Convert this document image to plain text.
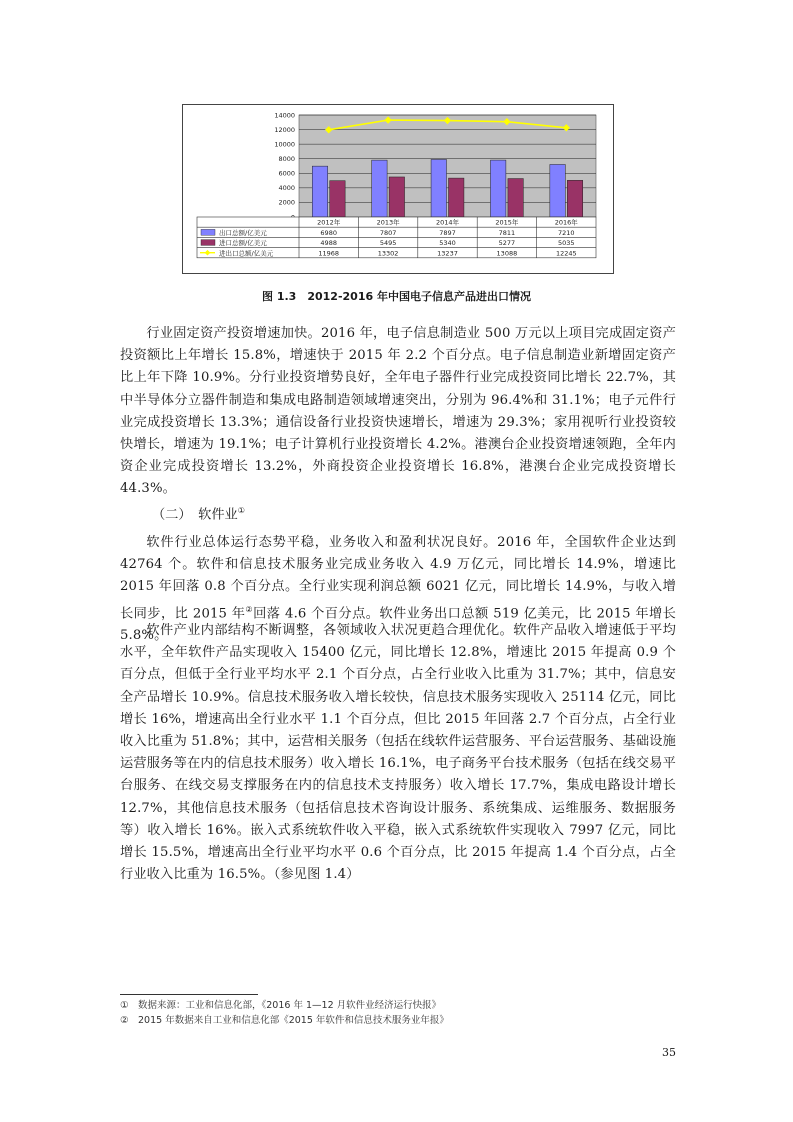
2000
4000
6000
8000
10000
12000
14000
2012年	2013年	2014年	2015年	2016年
出口总额/亿美元	6980	7807	7897	7811	7210
进口总额/亿美元	4988	5495	5340	5277	5035
进出口总额/亿美元	11968	13302	13237	13088	12245
图 1.3　2012-2016 年中国电子信息产品进出口情况

行业固定资产投资增速加快。2016 年，电子信息制造业 500 万元以上项目完成固定资产投资额比上年增长 15.8%，增速快于 2015 年 2.2 个百分点。电子信息制造业新增固定资产比上年下降 10.9%。分行业投资增势良好，全年电子器件行业完成投资同比增长 22.7%，其中半导体分立器件制造和集成电路制造领域增速突出，分别为 96.4%和 31.1%；电子元件行业完成投资增长 13.3%；通信设备行业投资快速增长，增速为 29.3%；家用视听行业投资较快增长，增速为 19.1%；电子计算机行业投资增长 4.2%。港澳台企业投资增速领跑，全年内资企业完成投资增长 13.2%，外商投资企业投资增长 16.8%，港澳台企业完成投资增长 44.3%。

（二）　软件业①

软件行业总体运行态势平稳，业务收入和盈利状况良好。2016 年，全国软件企业达到 42764 个。软件和信息技术服务业完成业务收入 4.9 万亿元，同比增长 14.9%，增速比 2015 年回落 0.8 个百分点。全行业实现利润总额 6021 亿元，同比增长 14.9%，与收入增长同步，比 2015 年②回落 4.6 个百分点。软件业务出口总额 519 亿美元，比 2015 年增长 5.8%。

软件产业内部结构不断调整，各领域收入状况更趋合理优化。软件产品收入增速低于平均水平，全年软件产品实现收入 15400 亿元，同比增长 12.8%，增速比 2015 年提高 0.9 个百分点，但低于全行业平均水平 2.1 个百分点，占全行业收入比重为 31.7%；其中，信息安全产品增长 10.9%。信息技术服务收入增长较快，信息技术服务实现收入 25114 亿元，同比增长 16%，增速高出全行业水平 1.1 个百分点，但比 2015 年回落 2.7 个百分点，占全行业收入比重为 51.8%；其中，运营相关服务（包括在线软件运营服务、平台运营服务、基础设施运营服务等在内的信息技术服务）收入增长 16.1%，电子商务平台技术服务（包括在线交易平台服务、在线交易支撑服务在内的信息技术支持服务）收入增长 17.7%，集成电路设计增长 12.7%，其他信息技术服务（包括信息技术咨询设计服务、系统集成、运维服务、数据服务等）收入增长 16%。嵌入式系统软件收入平稳，嵌入式系统软件实现收入 7997 亿元，同比增长 15.5%，增速高出全行业平均水平 0.6 个百分点，比 2015 年提高 1.4 个百分点，占全行业收入比重为 16.5%。（参见图 1.4）

①　数据来源：工业和信息化部，《2016 年 1—12 月软件业经济运行快报》
②　2015 年数据来自工业和信息化部《2015 年软件和信息技术服务业年报》
35
